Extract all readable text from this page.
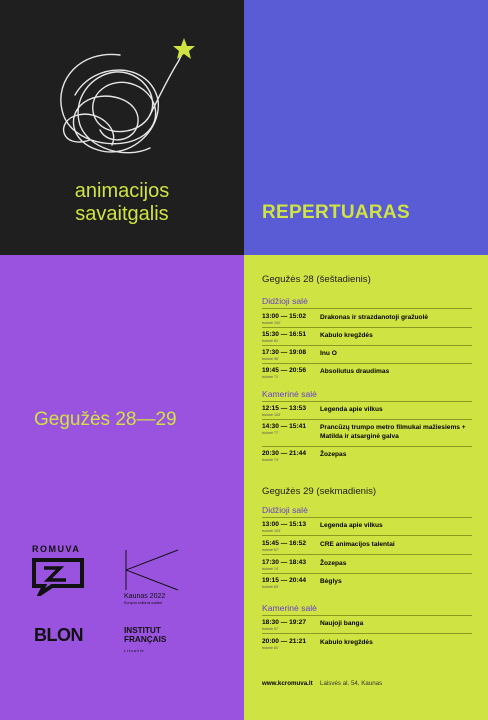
animacijos
savaitgalis	REPERTUARAS
Gegužės 28—29
ROMUVA
Kaunas 2022
Europos kultūros sostinė
BLON	INSTITUT
FRANÇAIS
Lituanie
Gegužės 28 (šeštadienis)
Didžioji salė
13:00 — 15:02
trukmė 102'
Drakonas ir strazdanotoji gražuolė
15:30 — 16:51
trukmė 81'
Kabulo kregždės
17:30 — 19:08
trukmė 98'
Inu O
19:45 — 20:56
trukmė 71'
Absoliutus draudimas
Kamerinė salė
12:15 — 13:53
trukmė 103'
Legenda apie vilkus
14:30 — 15:41
trukmė 77'
Prancūzų trumpo metro filmukai mažiesiems + Matilda ir atsarginė galva
20:30 — 21:44
trukmė 74'
Žozepas
Gegužės 29 (sekmadienis)
Didžioji salė
13:00 — 15:13
trukmė 103'
Legenda apie vilkus
15:45 — 16:52
trukmė 67'
CRE animacijos talentai
17:30 — 18:43
trukmė 74'
Žozepas
19:15 — 20:44
trukmė 89'
Bėglys
Kamerinė salė
18:30 — 19:27
trukmė 57'
Naujoji banga
20:00 — 21:21
trukmė 81'
Kabulo kregždės
www.kcromuva.lt Laisvės al. 54, Kaunas
